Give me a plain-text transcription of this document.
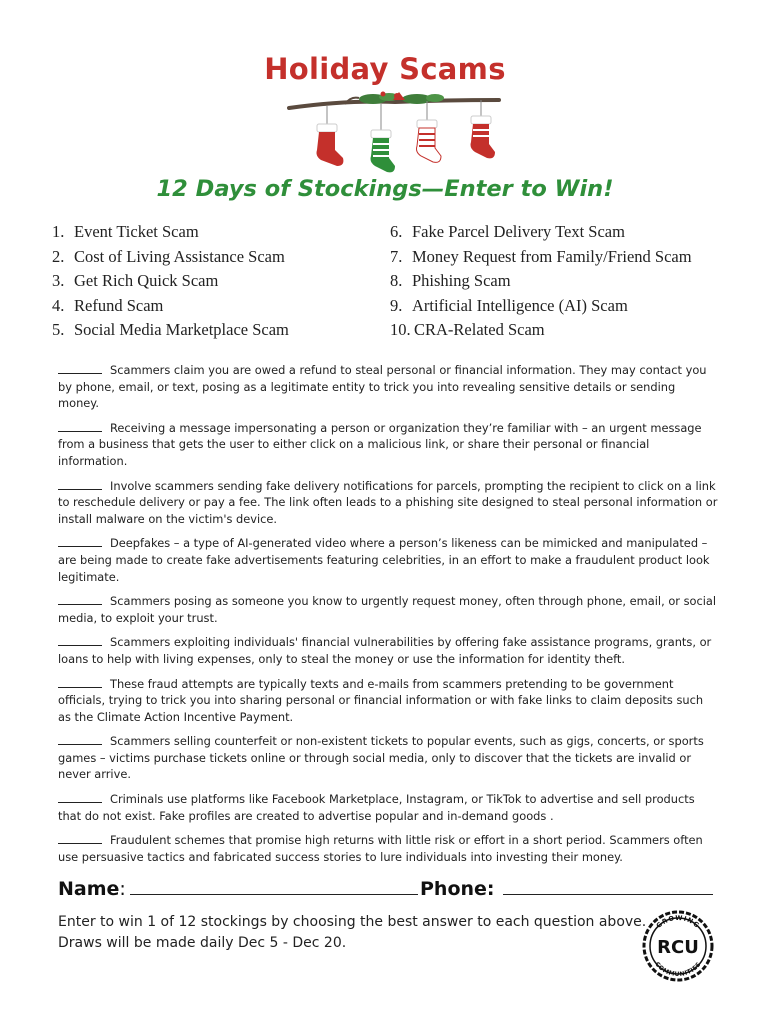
Holiday Scams
12 Days of Stockings—Enter to Win!
1. Event Ticket Scam
2. Cost of Living Assistance Scam
3. Get Rich Quick Scam
4. Refund Scam
5. Social Media Marketplace Scam
6. Fake Parcel Delivery Text Scam
7. Money Request from Family/Friend Scam
8. Phishing Scam
9. Artificial Intelligence (AI) Scam
10. CRA-Related Scam

Scammers claim you are owed a refund to steal personal or financial information. They may contact you by phone, email, or text, posing as a legitimate entity to trick you into revealing sensitive details or sending money.

Receiving a message impersonating a person or organization they’re familiar with – an urgent message from a business that gets the user to either click on a malicious link, or share their personal or financial information.

Involve scammers sending fake delivery notifications for parcels, prompting the recipient to click on a link to reschedule delivery or pay a fee. The link often leads to a phishing site designed to steal personal information or install malware on the victim's device.

Deepfakes – a type of AI-generated video where a person’s likeness can be mimicked and manipulated – are being made to create fake advertisements featuring celebrities, in an effort to make a fraudulent product look legitimate.

Scammers posing as someone you know to urgently request money, often through phone, email, or social media, to exploit your trust.

Scammers exploiting individuals' financial vulnerabilities by offering fake assistance programs, grants, or loans to help with living expenses, only to steal the money or use the information for identity theft.

These fraud attempts are typically texts and e-mails from scammers pretending to be government officials, trying to trick you into sharing personal or financial information or with fake links to claim deposits such as the Climate Action Incentive Payment.

Scammers selling counterfeit or non-existent tickets to popular events, such as gigs, concerts, or sports games – victims purchase tickets online or through social media, only to discover that the tickets are invalid or never arrive.

Criminals use platforms like Facebook Marketplace, Instagram, or TikTok to advertise and sell products that do not exist. Fake profiles are created to advertise popular and in-demand goods .

Fraudulent schemes that promise high returns with little risk or effort in a short period. Scammers often use persuasive tactics and fabricated success stories to lure individuals into investing their money.

Name:	Phone:

Enter to win 1 of 12 stockings by choosing the best answer to each question above.

Draws will be made daily Dec 5 - Dec 20.

GROWING
COMMUNITIES
RCU
